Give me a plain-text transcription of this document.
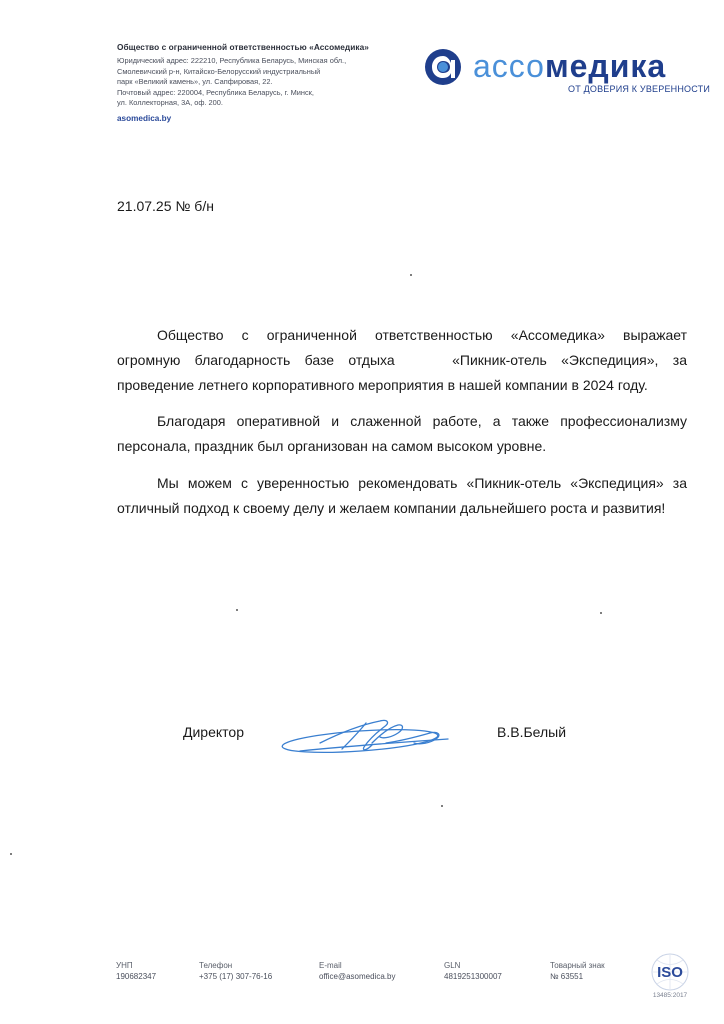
Общество с ограниченной ответственностью «Ассомедика»
Юридический адрес: 222210, Республика Беларусь, Минская обл.,
Смолевичский р-н, Китайско-Белорусский индустриальный
парк «Великий камень», ул. Сапфировая, 22.
Почтовый адрес: 220004, Республика Беларусь, г. Минск,
ул. Коллекторная, 3А, оф. 200.
asomedica.by
ассомедика
ОТ ДОВЕРИЯ К УВЕРЕННОСТИ
21.07.25 № б/н
Общество с ограниченной ответственностью «Ассомедика» выражает
огромную благодарность базе отдыха    «Пикник-отель «Экспедиция», за
проведение летнего корпоративного мероприятия в нашей компании в 2024 году.
Благодаря оперативной и слаженной работе, а также профессионализму
персонала, праздник был организован на самом высоком уровне.
Мы можем с уверенностью рекомендовать «Пикник-отель «Экспедиция» за
отличный подход к своему делу и желаем компании дальнейшего роста и развития!
Директор	В.В.Белый
УНП
190682347
Телефон
+375 (17) 307-76-16
E-mail
office@asomedica.by
GLN
4819251300007
Товарный знак
№ 63551	ISO
13485:2017
